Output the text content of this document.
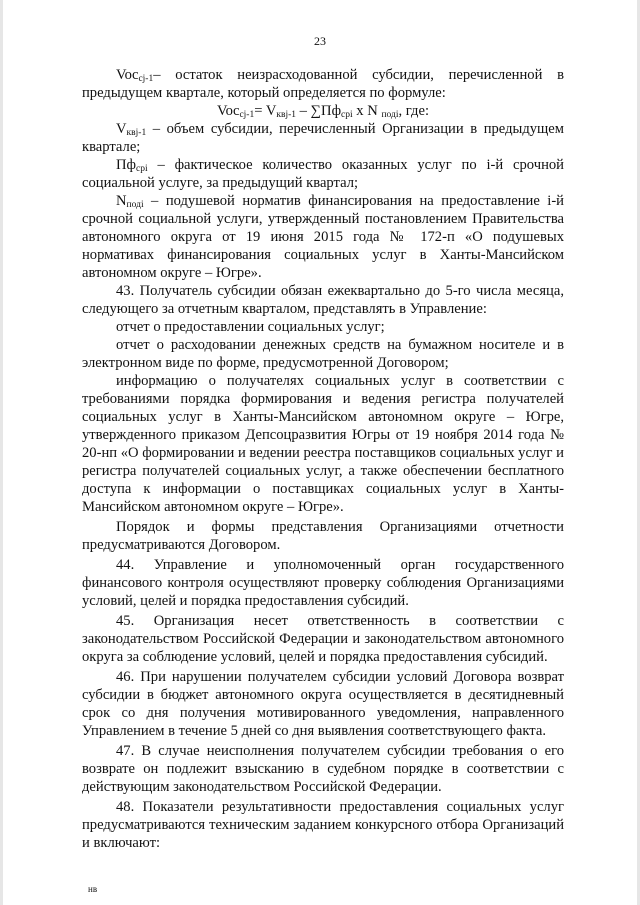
23

Voc$_{cj-1}$– остаток неизрасходованной субсидии, перечисленной в предыдущем квартале, который определяется по формуле:

$Voc_{cj-1}= V_{квj-1} - \sum Пф_{срi}$ x N $_{подi}$, где:

$V_{квj-1}$ – объем субсидии, перечисленный Организации в предыдущем квартале;

$Пф_{срi}$ – фактическое количество оказанных услуг по i-й срочной социальной услуге, за предыдущий квартал;

$N_{подi}$ – подушевой норматив финансирования на предоставление i-й срочной социальной услуги, утвержденный постановлением Правительства автономного округа от 19 июня 2015 года № 172-п «О подушевых нормативах финансирования социальных услуг в Ханты-Мансийском автономном округе – Югре».

43. Получатель субсидии обязан ежеквартально до 5-го числа месяца, следующего за отчетным кварталом, представлять в Управление:

отчет о предоставлении социальных услуг;

отчет о расходовании денежных средств на бумажном носителе и в электронном виде по форме, предусмотренной Договором;

информацию о получателях социальных услуг в соответствии с требованиями порядка формирования и ведения регистра получателей социальных услуг в Ханты-Мансийском автономном округе – Югре, утвержденного приказом Депсоцразвития Югры от 19 ноября 2014 года № 20-нп «О формировании и ведении реестра поставщиков социальных услуг и регистра получателей социальных услуг, а также обеспечении бесплатного доступа к информации о поставщиках социальных услуг в Ханты-Мансийском автономном округе – Югре».

Порядок и формы представления Организациями отчетности предусматриваются Договором.

44. Управление и уполномоченный орган государственного финансового контроля осуществляют проверку соблюдения Организациями условий, целей и порядка предоставления субсидий.

45. Организация несет ответственность в соответствии с законодательством Российской Федерации и законодательством автономного округа за соблюдение условий, целей и порядка предоставления субсидий.

46. При нарушении получателем субсидии условий Договора возврат субсидии в бюджет автономного округа осуществляется в десятидневный срок со дня получения мотивированного уведомления, направленного Управлением в течение 5 дней со дня выявления соответствующего факта.

47. В случае неисполнения получателем субсидии требования о его возврате он подлежит взысканию в судебном порядке в соответствии с действующим законодательством Российской Федерации.

48. Показатели результативности предоставления социальных услуг предусматриваются техническим заданием конкурсного отбора Организаций и включают:

нв
